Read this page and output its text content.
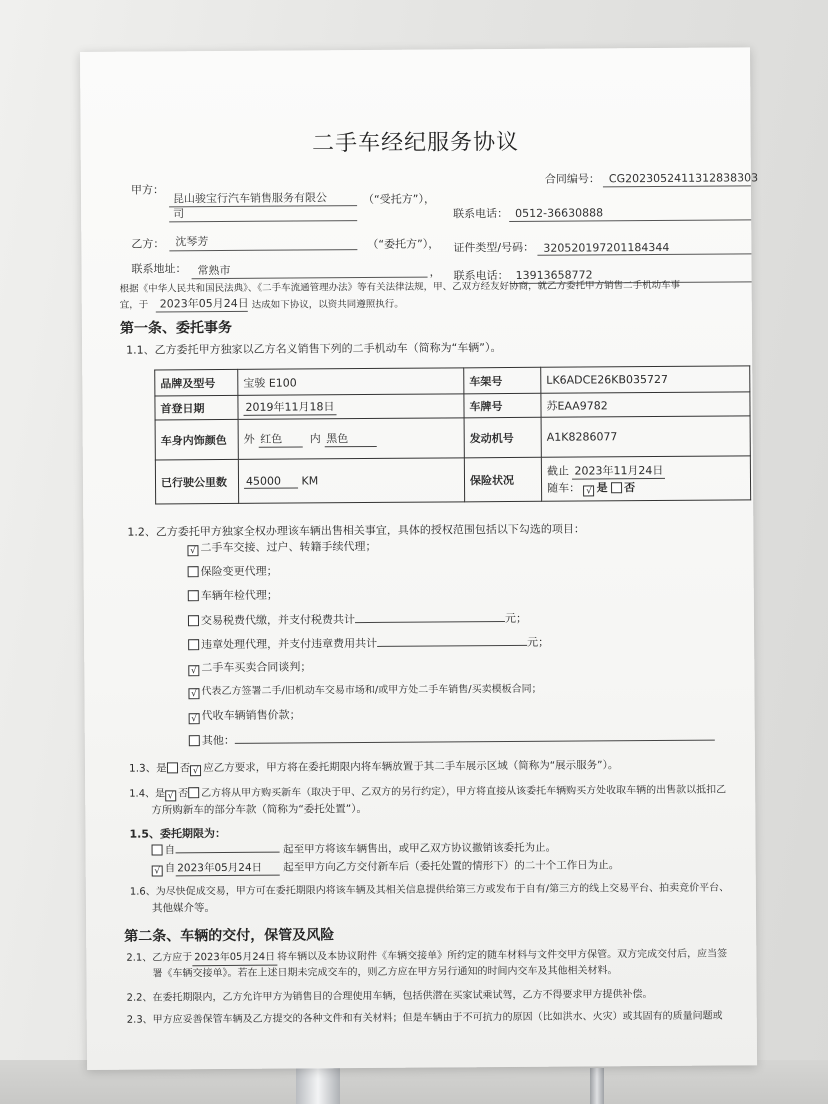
二手车经纪服务协议
合同编号： CG2023052411312838303
甲方：
昆山骏宝行汽车销售服务有限公
司
（“受托方”），
联系电话： 0512-36630888
乙方： 沈琴芳	（“委托方”）， 证件类型/号码： 320520197201184344
联系地址： 常熟市	， 联系电话： 13913658772
根据《中华人民共和国民法典》、《二手车流通管理办法》等有关法律法规，甲、乙双方经友好协商，就乙方委托甲方销售二手机动车事
宜，于 2023年05月24日 达成如下协议，以资共同遵照执行。
第一条、委托事务
1.1、乙方委托甲方独家以乙方名义销售下列的二手机动车（简称为“车辆”）。
品牌及型号	宝骏 E100	车架号	LK6ADCE26KB035727
首登日期	2019年11月18日	车牌号	苏EAA9782
车身内饰颜色	外 红色 内 黑色	发动机号	A1K8286077
已行驶公里数	45000 KM	保险状况	截止 2023年11月24日
随车： √ 是 否
1.2、乙方委托甲方独家全权办理该车辆出售相关事宜，具体的授权范围包括以下勾选的项目：
√ 二手车交接、过户、转籍手续代理；
保险变更代理；
车辆年检代理；
交易税费代缴，并支付税费共计	元；
违章处理代理，并支付违章费用共计	元；
√ 二手车买卖合同谈判；
√ 代表乙方签署二手/旧机动车交易市场和/或甲方处二手车销售/买卖模板合同；
√ 代收车辆销售价款；
其他：
1.3、是 否 √ 应乙方要求，甲方将在委托期限内将车辆放置于其二手车展示区域（简称为“展示服务”）。
1.4、是 √ 否 乙方将从甲方购买新车（取决于甲、乙双方的另行约定），甲方将直接从该委托车辆购买方处收取车辆的出售款以抵扣乙
方所购新车的部分车款（简称为“委托处置”）。
1.5、委托期限为：
自	起至甲方将该车辆售出，或甲乙双方协议撤销该委托为止。
√ 自 2023年05月24日 起至甲方向乙方交付新车后（委托处置的情形下）的二十个工作日为止。
1.6、为尽快促成交易，甲方可在委托期限内将该车辆及其相关信息提供给第三方或发布于自有/第三方的线上交易平台、拍卖竞价平台、
其他媒介等。
第二条、车辆的交付，保管及风险
2.1、乙方应于 2023年05月24日 将车辆以及本协议附件《车辆交接单》所约定的随车材料与文件交甲方保管。双方完成交付后，应当签
署《车辆交接单》。若在上述日期未完成交车的，则乙方应在甲方另行通知的时间内交车及其他相关材料。
2.2、在委托期限内，乙方允许甲方为销售目的合理使用车辆，包括供潜在买家试乘试驾，乙方不得要求甲方提供补偿。
2.3、甲方应妥善保管车辆及乙方提交的各种文件和有关材料；但是车辆由于不可抗力的原因（比如洪水、火灾）或其固有的质量问题或
